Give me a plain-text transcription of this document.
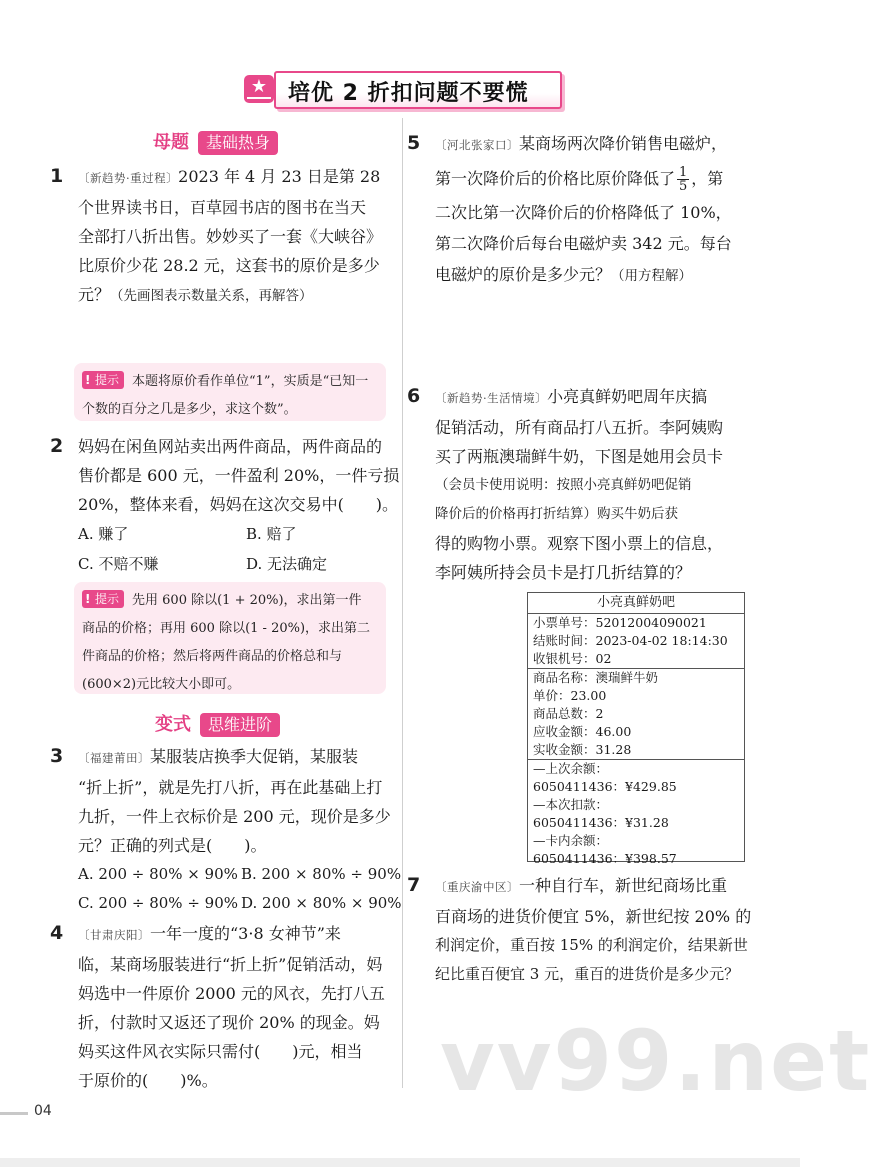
★ 培优 2 折扣问题不要慌
母题 基础热身
1 〔新趋势·重过程〕2023 年 4 月 23 日是第 28
个世界读书日，百草园书店的图书在当天
全部打八折出售。妙妙买了一套《大峡谷》
比原价少花 28.2 元，这套书的原价是多少
元？（先画图表示数量关系，再解答）
! 提示 本题将原价看作单位“1”，实质是“已知一
个数的百分之几是多少，求这个数”。
2 妈妈在闲鱼网站卖出两件商品，两件商品的
售价都是 600 元，一件盈利 20%，一件亏损
20%，整体来看，妈妈在这次交易中(　　)。
A. 赚了	B. 赔了
C. 不赔不赚	D. 无法确定
! 提示 先用 600 除以(1 + 20%)，求出第一件
商品的价格；再用 600 除以(1 - 20%)，求出第二
件商品的价格；然后将两件商品的价格总和与
(600×2)元比较大小即可。
变式 思维进阶
3 〔福建莆田〕某服装店换季大促销，某服装
“折上折”，就是先打八折，再在此基础上打
九折，一件上衣标价是 200 元，现价是多少
元？正确的列式是(　　)。
A. 200 ÷ 80% × 90% B. 200 × 80% ÷ 90%
C. 200 ÷ 80% ÷ 90% D. 200 × 80% × 90%
4 〔甘肃庆阳〕一年一度的“3·8 女神节”来
临，某商场服装进行“折上折”促销活动，妈
妈选中一件原价 2000 元的风衣，先打八五
折，付款时又返还了现价 20% 的现金。妈
妈买这件风衣实际只需付(　　)元，相当
于原价的(　　)%。
5 〔河北张家口〕某商场两次降价销售电磁炉，
第一次降价后的价格比原价降低了 $\frac{1}{5}$ ，第
二次比第一次降价后的价格降低了 10%，
第二次降价后每台电磁炉卖 342 元。每台
电磁炉的原价是多少元？（用方程解）
6 〔新趋势·生活情境〕小亮真鲜奶吧周年庆搞
促销活动，所有商品打八五折。李阿姨购
买了两瓶澳瑞鲜牛奶，下图是她用会员卡
（会员卡使用说明：按照小亮真鲜奶吧促销
降价后的价格再打折结算）购买牛奶后获
得的购物小票。观察下图小票上的信息，
李阿姨所持会员卡是打几折结算的？
小亮真鲜奶吧
小票单号：52012004090021
结账时间：2023-04-02 18:14:30
收银机号：02
商品名称：澳瑞鲜牛奶
单价：23.00
商品总数：2
应收金额：46.00
实收金额：31.28
—上次余额：
6050411436：¥429.85
—本次扣款：
6050411436：¥31.28
—卡内余额：
6050411436：¥398.57
7 〔重庆渝中区〕一种自行车，新世纪商场比重
百商场的进货价便宜 5%，新世纪按 20% 的
利润定价，重百按 15% 的利润定价，结果新世
纪比重百便宜 3 元，重百的进货价是多少元？
vv99.net
04
